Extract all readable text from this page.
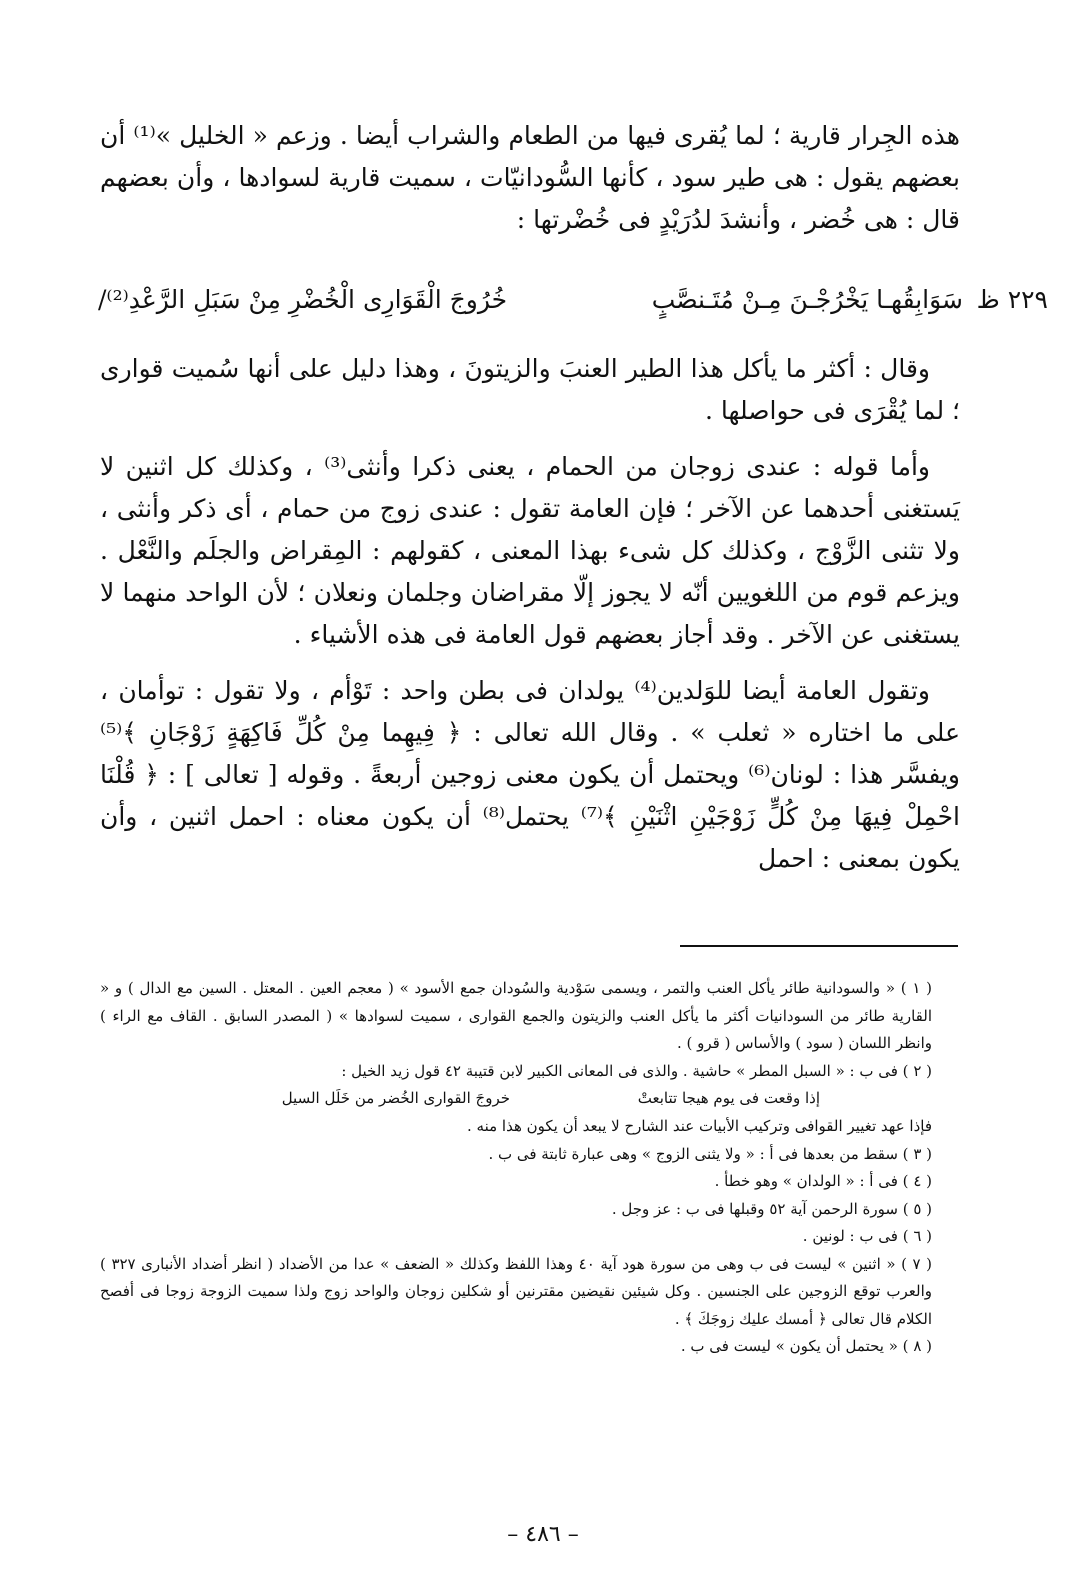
هذه الجِرار قارية ؛ لما يُقرى فيها من الطعام والشراب أيضا . وزعم « الخليل »⁽¹⁾ أن بعضهم يقول : هى طير سود ، كأنها السُّودانيّات ، سميت قارية لسوادها ، وأن بعضهم قال : هى خُضر ، وأنشدَ لدُرَيْدٍ فى خُضْرتها :

٢٢٩ ظ
سَوَابِقُهـا يَخْرُجْـنَ مِـنْ مُتَـنصَّبٍ
خُرُوجَ الْقَوَارِى الْخُضْرِ مِنْ سَبَلِ الرَّعْدِ⁽²⁾/

وقال : أكثر ما يأكل هذا الطير العنبَ والزيتونَ ، وهذا دليل على أنها سُميت قوارى ؛ لما يُقْرَى فى حواصلها .

وأما قوله : عندى زوجان من الحمام ، يعنى ذكرا وأنثى⁽³⁾ ، وكذلك كل اثنين لا يَستغنى أحدهما عن الآخر ؛ فإن العامة تقول : عندى زوج من حمام ، أى ذكر وأنثى ، ولا تثنى الزَّوْج ، وكذلك كل شىء بهذا المعنى ، كقولهم : المِقراض والجلَم والنَّعْل . ويزعم قوم من اللغويين أنّه لا يجوز إلّا مقراضان وجلمان ونعلان ؛ لأن الواحد منهما لا يستغنى عن الآخر . وقد أجاز بعضهم قول العامة فى هذه الأشياء .

وتقول العامة أيضا للوَلدين⁽⁴⁾ يولدان فى بطن واحد : تَوْأم ، ولا تقول : توأمان ، على ما اختاره « ثعلب » . وقال الله تعالى : ﴿ فِيهِما مِنْ كُلِّ فَاكِهَةٍ زَوْجَانِ ﴾⁽⁵⁾ ويفسَّر هذا : لونان⁽⁶⁾ ويحتمل أن يكون معنى زوجين أربعةً . وقوله [ تعالى ] : ﴿ قُلْنَا احْمِلْ فِيهَا مِنْ كُلٍّ زَوْجَيْنِ اثْنَيْنِ ﴾⁽⁷⁾ يحتمل⁽⁸⁾ أن يكون معناه : احمل اثنين ، وأن يكون بمعنى : احمل

( ١ ) « والسودانية طائر يأكل العنب والتمر ، ويسمى سَوْدية والسُودان جمع الأسود » ( معجم العين . المعتل . السين مع الدال ) و « القارية طائر من السودانيات أكثر ما يأكل العنب والزيتون والجمع القوارى ، سميت لسوادها » ( المصدر السابق . القاف مع الراء ) وانظر اللسان ( سود ) والأساس ( قرو ) .

( ٢ ) فى ب : « السبل المطر » حاشية . والذى فى المعانى الكبير لابن قتيبة ٤٢ قول زيد الخيل :

إذا وقعت فى يوم هيجا تتابعتْ
خروجَ القوارى الخُضر من خَلَل السيل

فإذا عهد تغيير القوافى وتركيب الأبيات عند الشارح لا يبعد أن يكون هذا منه .

( ٣ ) سقط من بعدها فى أ : « ولا يثنى الزوج » وهى عبارة ثابتة فى ب .

( ٤ ) فى أ : « الولدان » وهو خطأ .

( ٥ ) سورة الرحمن آية ٥٢ وقبلها فى ب : عز وجل .

( ٦ ) فى ب : لونين .

( ٧ ) « اثنين » ليست فى ب وهى من سورة هود آية ٤٠ وهذا اللفظ وكذلك « الضعف » عدا من الأضداد ( انظر أضداد الأنبارى ٣٢٧ ) والعرب توقع الزوجين على الجنسين . وكل شيئين نقيضين مقترنين أو شكلين زوجان والواحد زوج ولذا سميت الزوجة زوجا فى أفصح الكلام قال تعالى ﴿ أمسك عليك زوجَكَ ﴾ .

( ٨ ) « يحتمل أن يكون » ليست فى ب .

– ٤٨٦ –
